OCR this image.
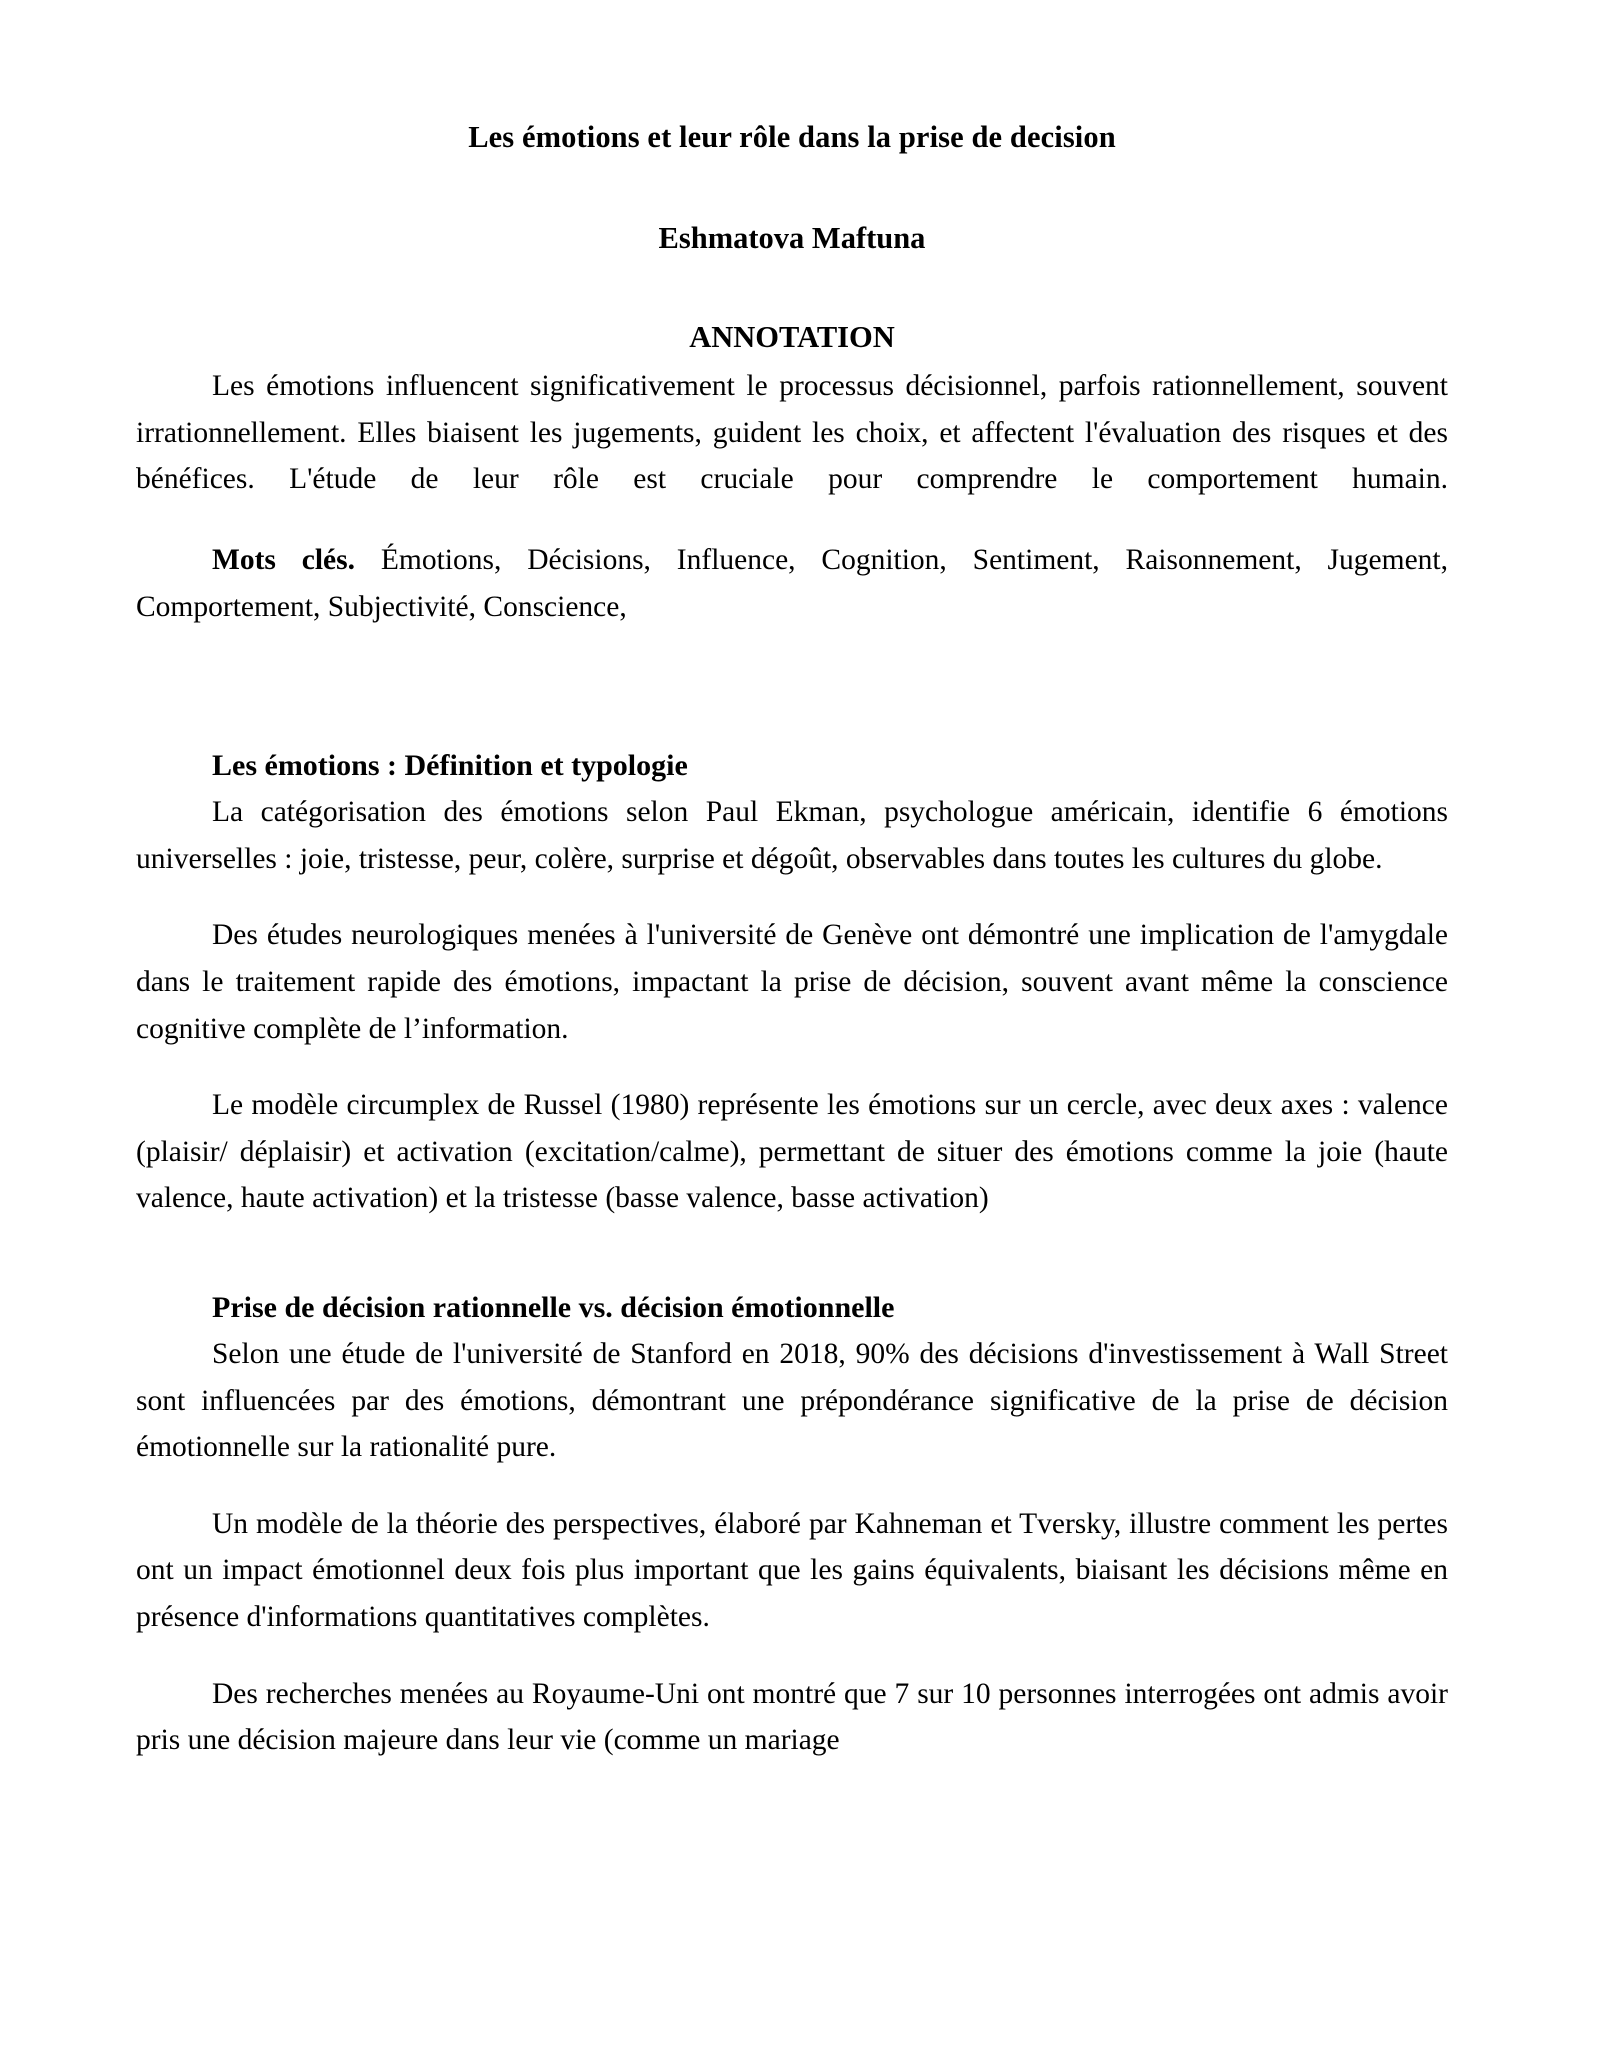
Les émotions et leur rôle dans la prise de decision
Eshmatova Maftuna
ANNOTATION

Les émotions influencent significativement le processus décisionnel, parfois rationnellement, souvent irrationnellement. Elles biaisent les jugements, guident les choix, et affectent l'évaluation des risques et des bénéfices. L'étude de leur rôle est cruciale pour comprendre le comportement humain.

Mots clés. Émotions, Décisions, Influence, Cognition, Sentiment, Raisonnement, Jugement, Comportement, Subjectivité, Conscience,

Les émotions : Définition et typologie

La catégorisation des émotions selon Paul Ekman, psychologue américain, identifie 6 émotions universelles : joie, tristesse, peur, colère, surprise et dégoût, observables dans toutes les cultures du globe.

Des études neurologiques menées à l'université de Genève ont démontré une implication de l'amygdale dans le traitement rapide des émotions, impactant la prise de décision, souvent avant même la conscience cognitive complète de l’information.

Le modèle circumplex de Russel (1980) représente les émotions sur un cercle, avec deux axes : valence (plaisir/ déplaisir) et activation (excitation/calme), permettant de situer des émotions comme la joie (haute valence, haute activation) et la tristesse (basse valence, basse activation)

Prise de décision rationnelle vs. décision émotionnelle

Selon une étude de l'université de Stanford en 2018, 90% des décisions d'investissement à Wall Street sont influencées par des émotions, démontrant une prépondérance significative de la prise de décision émotionnelle sur la rationalité pure.

Un modèle de la théorie des perspectives, élaboré par Kahneman et Tversky, illustre comment les pertes ont un impact émotionnel deux fois plus important que les gains équivalents, biaisant les décisions même en présence d'informations quantitatives complètes.

Des recherches menées au Royaume-Uni ont montré que 7 sur 10 personnes interrogées ont admis avoir pris une décision majeure dans leur vie (comme un mariage
